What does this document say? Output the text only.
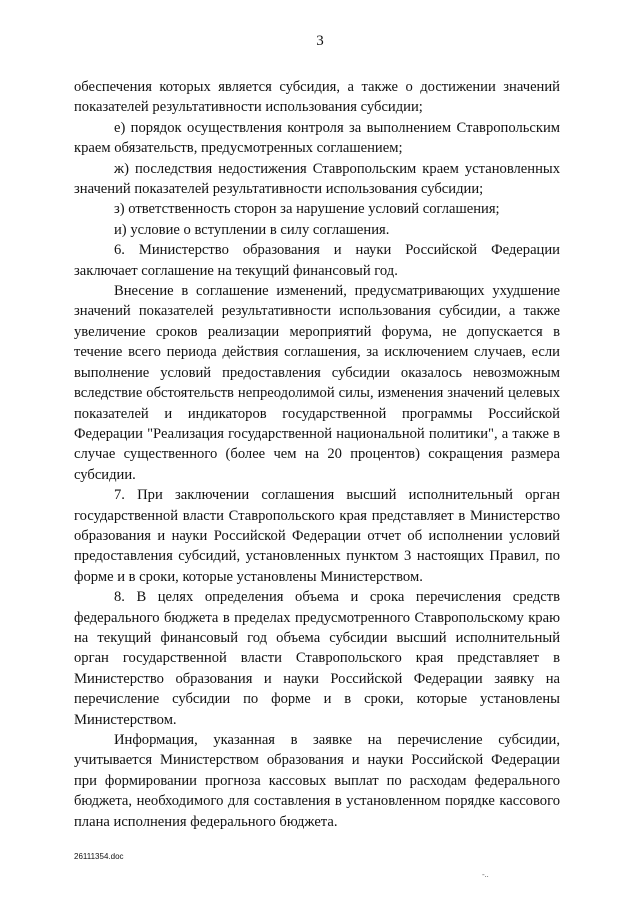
3

обеспечения которых является субсидия, а также о достижении значений показателей результативности использования субсидии;

е) порядок осуществления контроля за выполнением Ставропольским краем обязательств, предусмотренных соглашением;

ж) последствия недостижения Ставропольским краем установленных значений показателей результативности использования субсидии;

з) ответственность сторон за нарушение условий соглашения;

и) условие о вступлении в силу соглашения.

6. Министерство образования и науки Российской Федерации заключает соглашение на текущий финансовый год.

Внесение в соглашение изменений, предусматривающих ухудшение значений показателей результативности использования субсидии, а также увеличение сроков реализации мероприятий форума, не допускается в течение всего периода действия соглашения, за исключением случаев, если выполнение условий предоставления субсидии оказалось невозможным вследствие обстоятельств непреодолимой силы, изменения значений целевых показателей и индикаторов государственной программы Российской Федерации "Реализация государственной национальной политики", а также в случае существенного (более чем на 20 процентов) сокращения размера субсидии.

7. При заключении соглашения высший исполнительный орган государственной власти Ставропольского края представляет в Министерство образования и науки Российской Федерации отчет об исполнении условий предоставления субсидий, установленных пунктом 3 настоящих Правил, по форме и в сроки, которые установлены Министерством.

8. В целях определения объема и срока перечисления средств федерального бюджета в пределах предусмотренного Ставропольскому краю на текущий финансовый год объема субсидии высший исполнительный орган государственной власти Ставропольского края представляет в Министерство образования и науки Российской Федерации заявку на перечисление субсидии по форме и в сроки, которые установлены Министерством.

Информация, указанная в заявке на перечисление субсидии, учитывается Министерством образования и науки Российской Федерации при формировании прогноза кассовых выплат по расходам федерального бюджета, необходимого для составления в установленном порядке кассового плана исполнения федерального бюджета.

26111354.doc
-..
